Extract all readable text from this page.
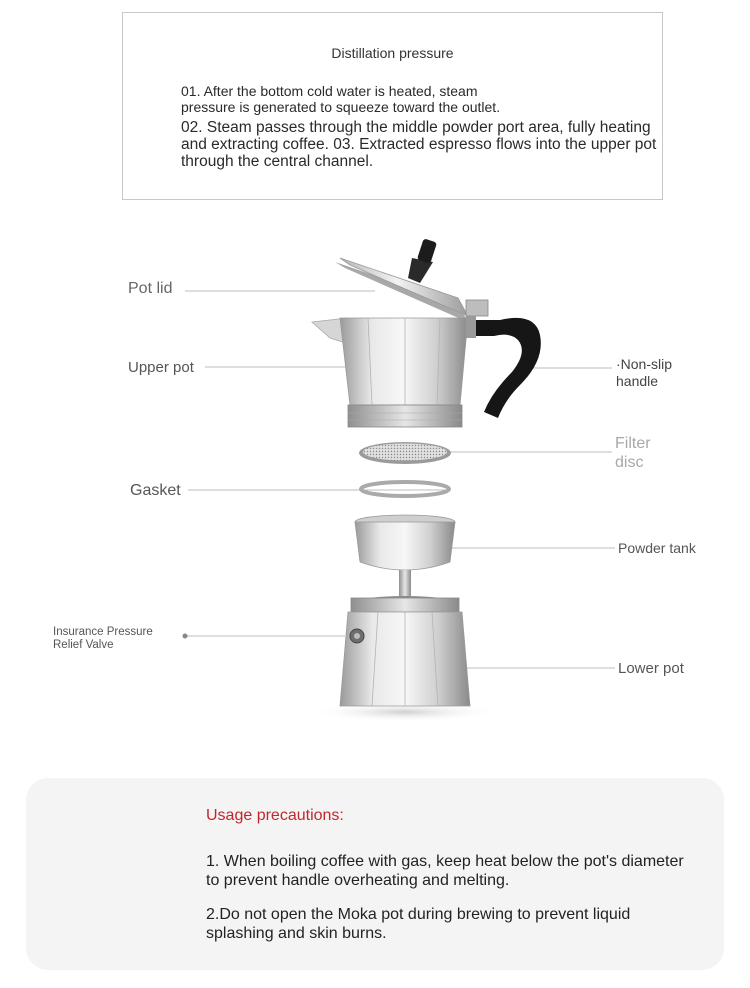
Distillation pressure
01. After the bottom cold water is heated, steam
pressure is generated to squeeze toward the outlet.
02. Steam passes through the middle powder port area, fully heating and extracting coffee. 03. Extracted espresso flows into the upper pot through the central channel.
Pot lid
Upper pot
Gasket
Insurance Pressure
Relief Valve
·Non-slip
handle
Filter
disc
Powder tank
Lower pot
Usage precautions:
1. When boiling coffee with gas, keep heat below the pot's diameter to prevent handle overheating and melting.
2.Do not open the Moka pot during brewing to prevent liquid splashing and skin burns.
